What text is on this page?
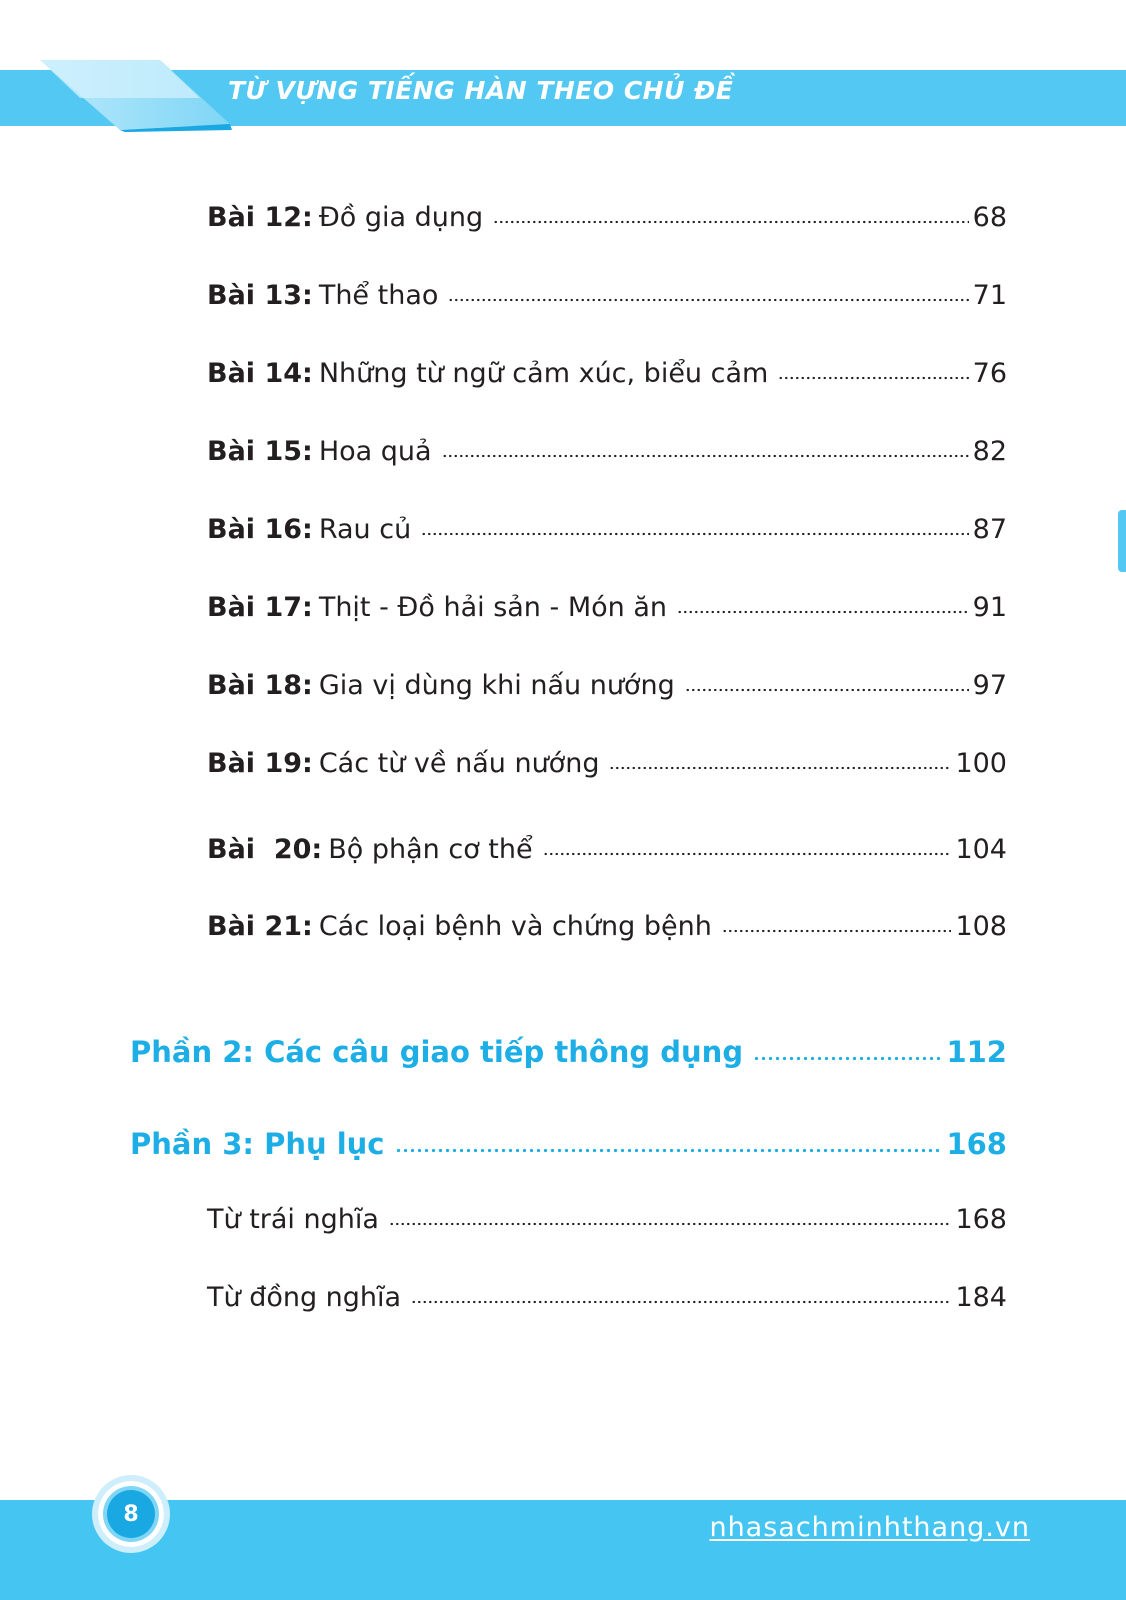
TỪ VỰNG TIẾNG HÀN THEO CHỦ ĐỀ
Bài 12: Đồ gia dụng	68
Bài 13: Thể thao	71
Bài 14: Những từ ngữ cảm xúc, biểu cảm	76
Bài 15: Hoa quả	82
Bài 16: Rau củ	87
Bài 17: Thịt - Đồ hải sản - Món ăn	91
Bài 18: Gia vị dùng khi nấu nướng	97
Bài 19: Các từ về nấu nướng	100
Bài  20: Bộ phận cơ thể	104
Bài 21: Các loại bệnh và chứng bệnh	108
Phần 2: Các câu giao tiếp thông dụng	112
Phần 3: Phụ lục	168
Từ trái nghĩa	168
Từ đồng nghĩa	184
8	nhasachminhthang.vn
